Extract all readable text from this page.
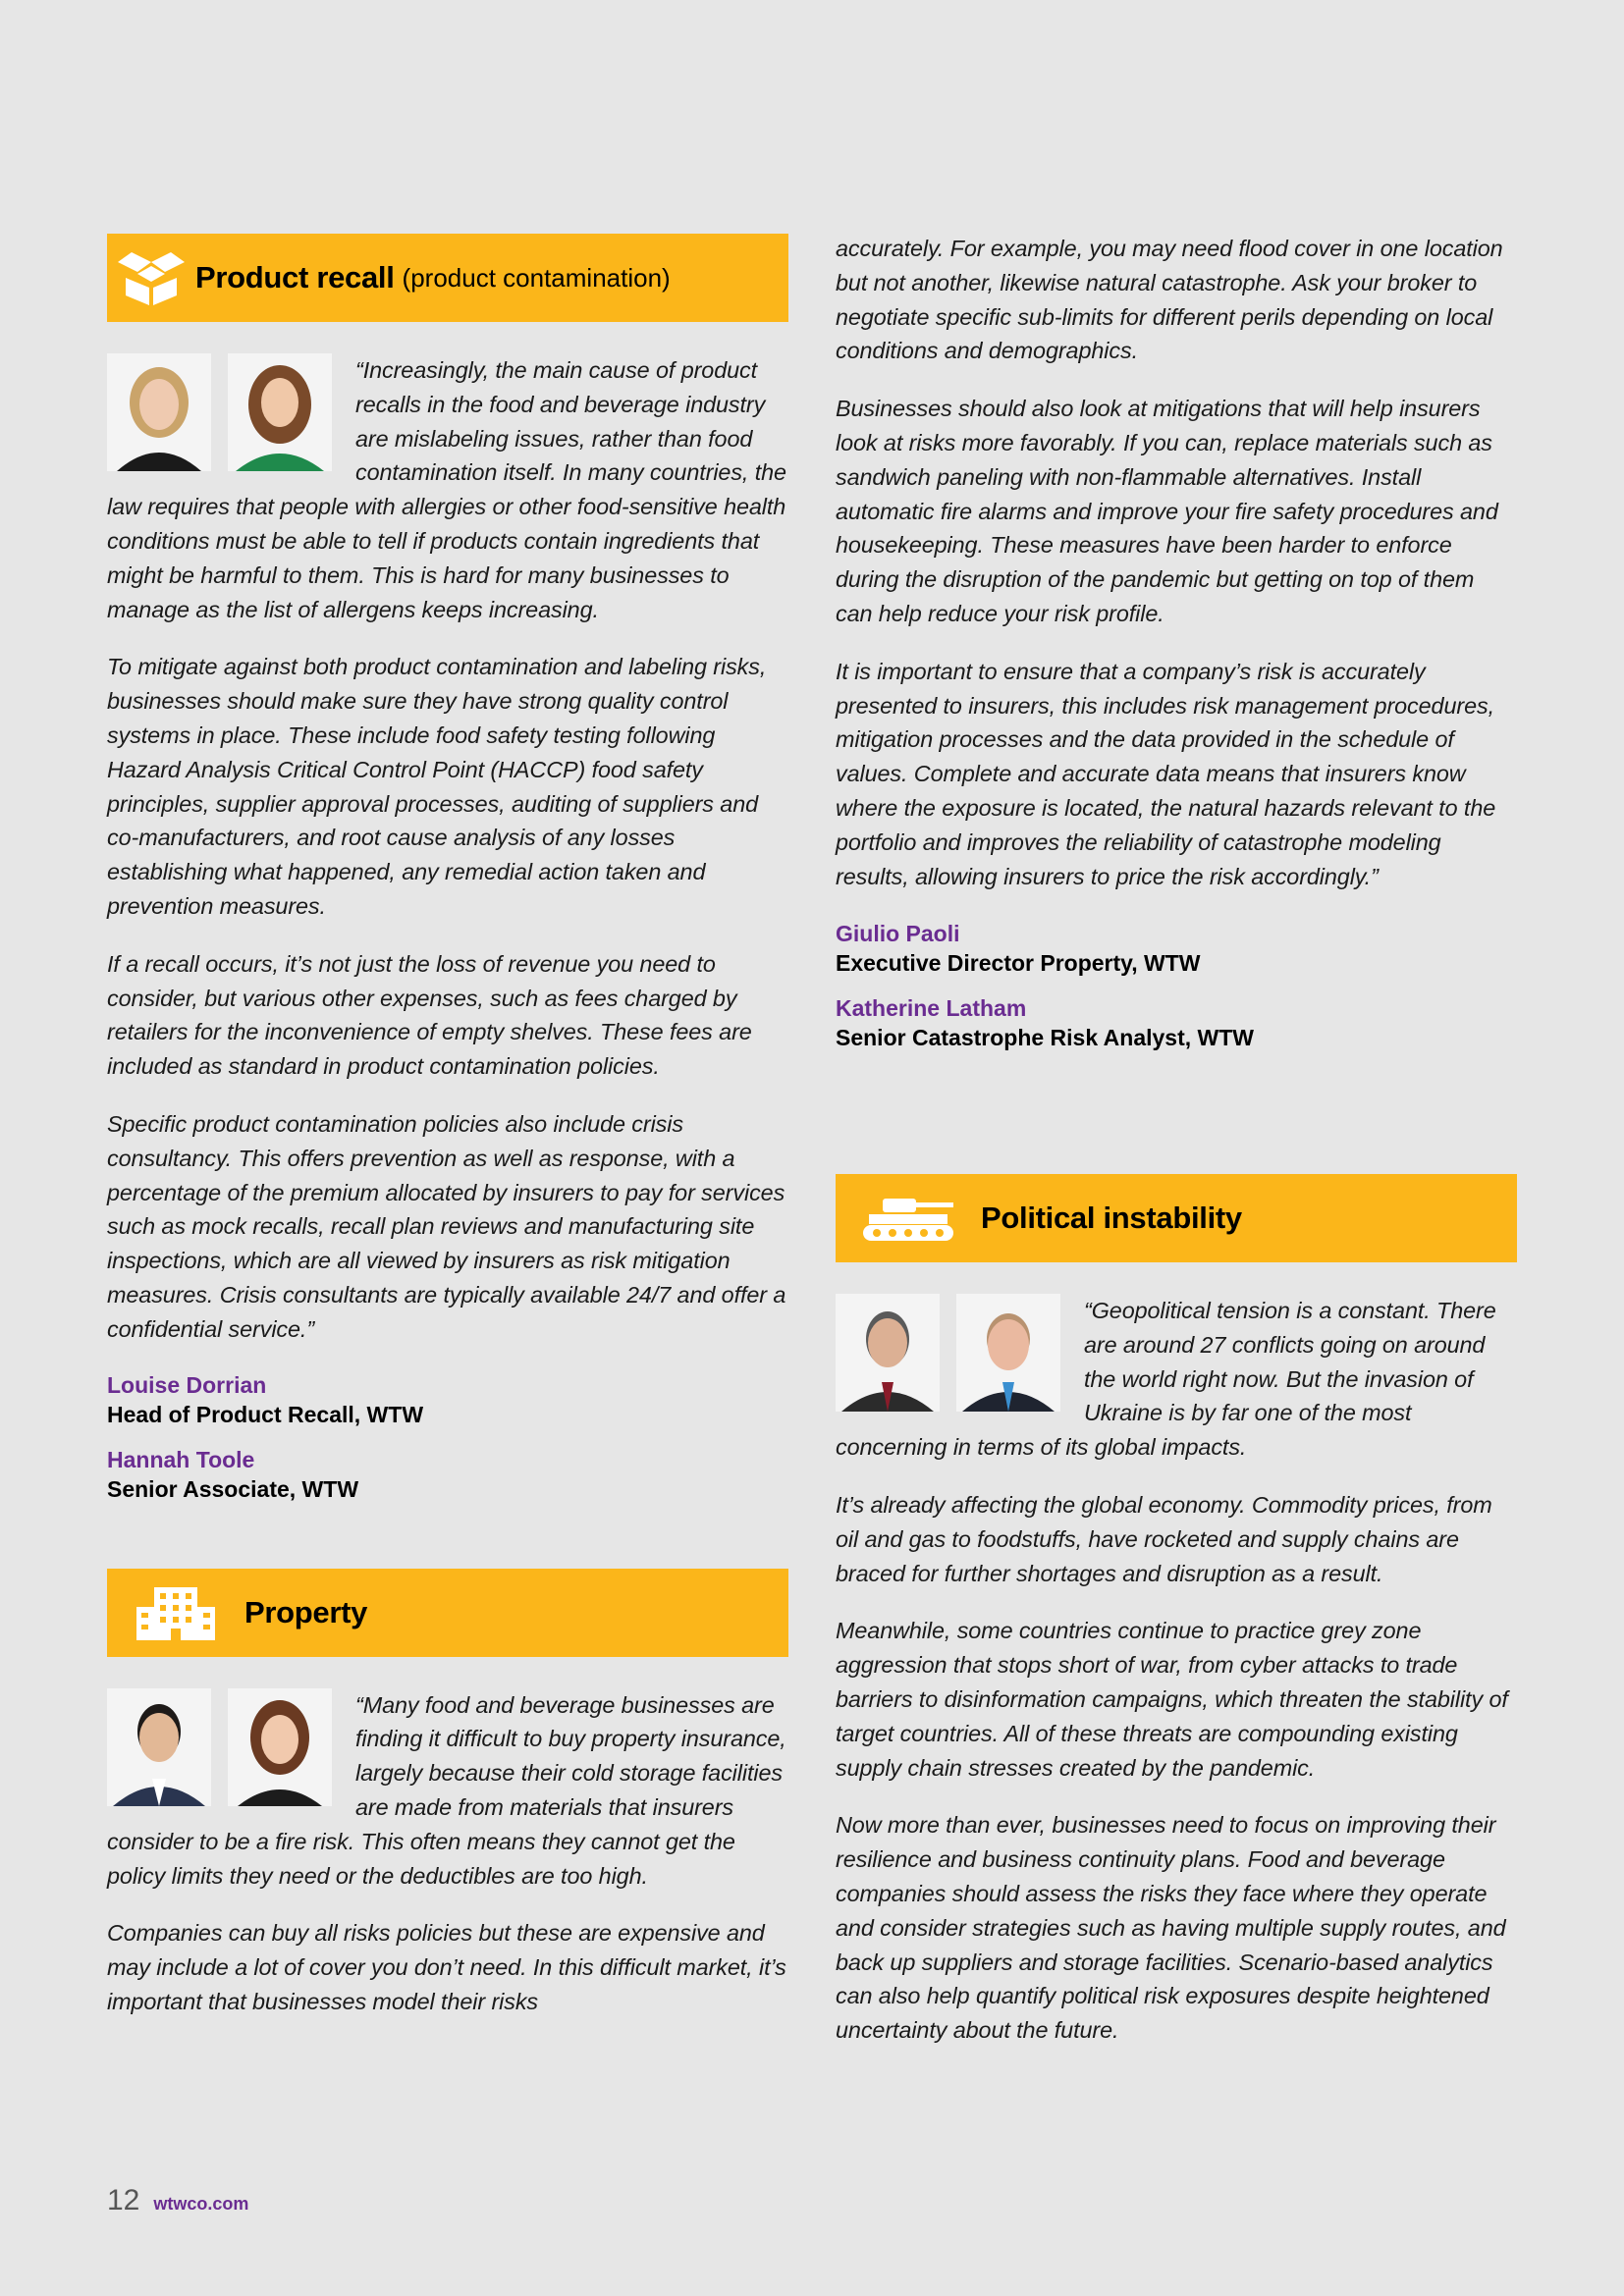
Product recall (product contamination)

“Increasingly, the main cause of product recalls in the food and beverage industry are mislabeling issues, rather than food contamination itself. In many countries, the law requires that people with allergies or other food-sensitive health conditions must be able to tell if products contain ingredients that might be harmful to them. This is hard for many businesses to manage as the list of allergens keeps increasing.

To mitigate against both product contamination and labeling risks, businesses should make sure they have strong quality control systems in place. These include food safety testing following Hazard Analysis Critical Control Point (HACCP) food safety principles, supplier approval processes, auditing of suppliers and co-manufacturers, and root cause analysis of any losses establishing what happened, any remedial action taken and prevention measures.

If a recall occurs, it’s not just the loss of revenue you need to consider, but various other expenses, such as fees charged by retailers for the inconvenience of empty shelves. These fees are included as standard in product contamination policies.

Specific product contamination policies also include crisis consultancy. This offers prevention as well as response, with a percentage of the premium allocated by insurers to pay for services such as mock recalls, recall plan reviews and manufacturing site inspections, which are all viewed by insurers as risk mitigation measures. Crisis consultants are typically available 24/7 and offer a confidential service.”

Louise Dorrian
Head of Product Recall, WTW
Hannah Toole
Senior Associate, WTW
Property

“Many food and beverage businesses are finding it difficult to buy property insurance, largely because their cold storage facilities are made from materials that insurers consider to be a fire risk. This often means they cannot get the policy limits they need or the deductibles are too high.

Companies can buy all risks policies but these are expensive and may include a lot of cover you don’t need. In this difficult market, it’s important that businesses model their risks

accurately. For example, you may need flood cover in one location but not another, likewise natural catastrophe. Ask your broker to negotiate specific sub-limits for different perils depending on local conditions and demographics.

Businesses should also look at mitigations that will help insurers look at risks more favorably. If you can, replace materials such as sandwich paneling with non-flammable alternatives. Install automatic fire alarms and improve your fire safety procedures and housekeeping. These measures have been harder to enforce during the disruption of the pandemic but getting on top of them can help reduce your risk profile.

It is important to ensure that a company’s risk is accurately presented to insurers, this includes risk management procedures, mitigation processes and the data provided in the schedule of values. Complete and accurate data means that insurers know where the exposure is located, the natural hazards relevant to the portfolio and improves the reliability of catastrophe modeling results, allowing insurers to price the risk accordingly.”

Giulio Paoli
Executive Director Property, WTW
Katherine Latham
Senior Catastrophe Risk Analyst, WTW
Political instability

“Geopolitical tension is a constant. There are around 27 conflicts going on around the world right now. But the invasion of Ukraine is by far one of the most concerning in terms of its global impacts.

It’s already affecting the global economy. Commodity prices, from oil and gas to foodstuffs, have rocketed and supply chains are braced for further shortages and disruption as a result.

Meanwhile, some countries continue to practice grey zone aggression that stops short of war, from cyber attacks to trade barriers to disinformation campaigns, which threaten the stability of target countries. All of these threats are compounding existing supply chain stresses created by the pandemic.

Now more than ever, businesses need to focus on improving their resilience and business continuity plans. Food and beverage companies should assess the risks they face where they operate and consider strategies such as having multiple supply routes, and back up suppliers and storage facilities. Scenario-based analytics can also help quantify political risk exposures despite heightened uncertainty about the future.

12 wtwco.com
